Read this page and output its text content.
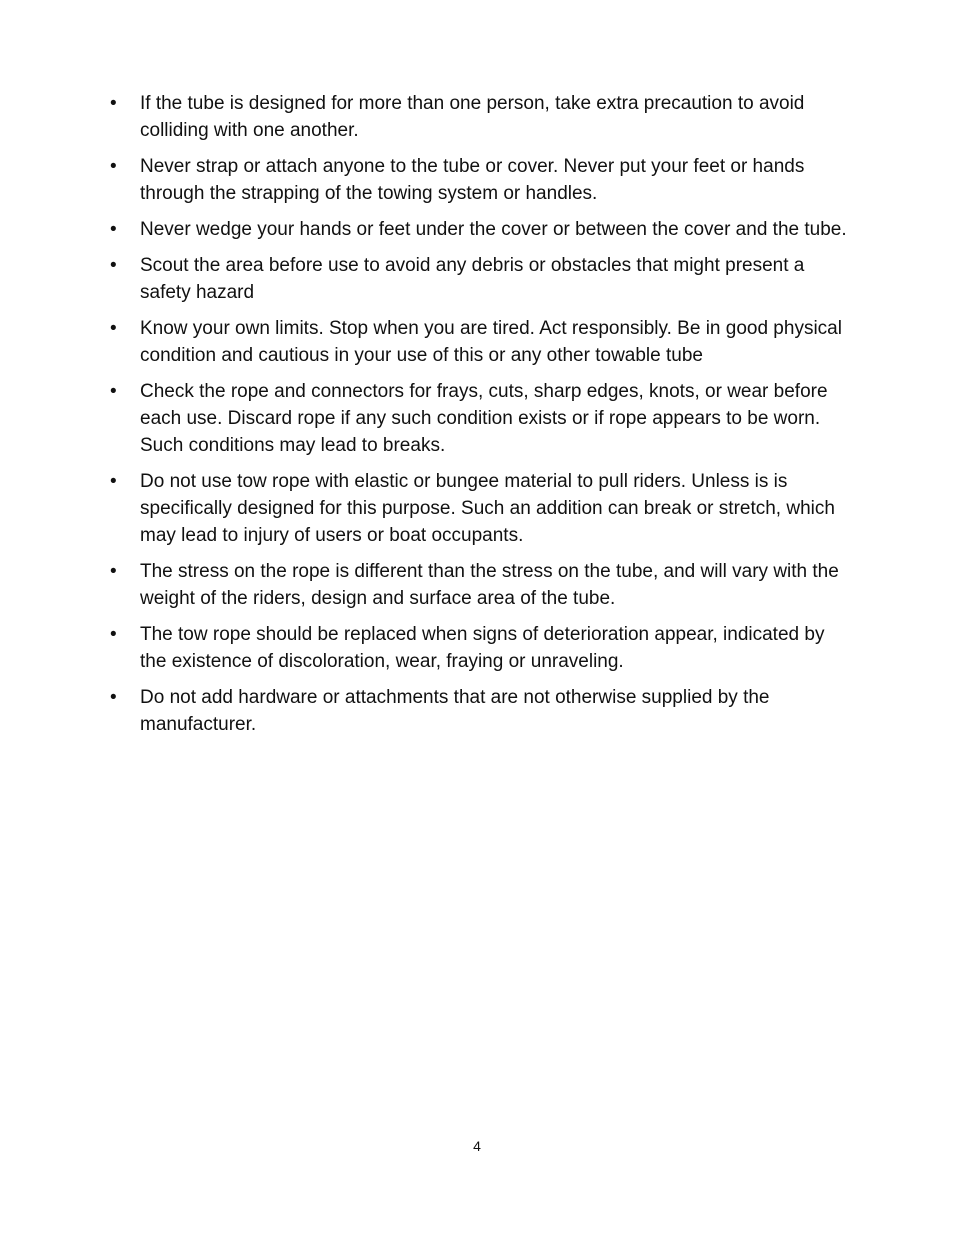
•	If the tube is designed for more than one person, take extra precaution to avoid colliding with one another.
•	Never strap or attach anyone to the tube or cover. Never put your feet or hands through the strapping of the towing system or handles.
•	Never wedge your hands or feet under the cover or between the cover and the tube.
•	Scout the area before use to avoid any debris or obstacles that might present a safety hazard
•	Know your own limits. Stop when you are tired. Act responsibly. Be in good physical condition and cautious in your use of this or any other towable tube
•	Check the rope and connectors for frays, cuts, sharp edges, knots, or wear before each use. Discard rope if any such condition exists or if rope appears to be worn. Such conditions may lead to breaks.
•	Do not use tow rope with elastic or bungee material to pull riders. Unless is is specifically designed for this purpose. Such an addition can break or stretch, which may lead to injury of users or boat occupants.
•	The stress on the rope is different than the stress on the tube, and will vary with the weight of the riders, design and surface area of the tube.
•	The tow rope should be replaced when signs of deterioration appear, indicated by the existence of discoloration, wear, fraying or unraveling.
•	Do not add hardware or attachments that are not otherwise supplied by the manufacturer.
4
